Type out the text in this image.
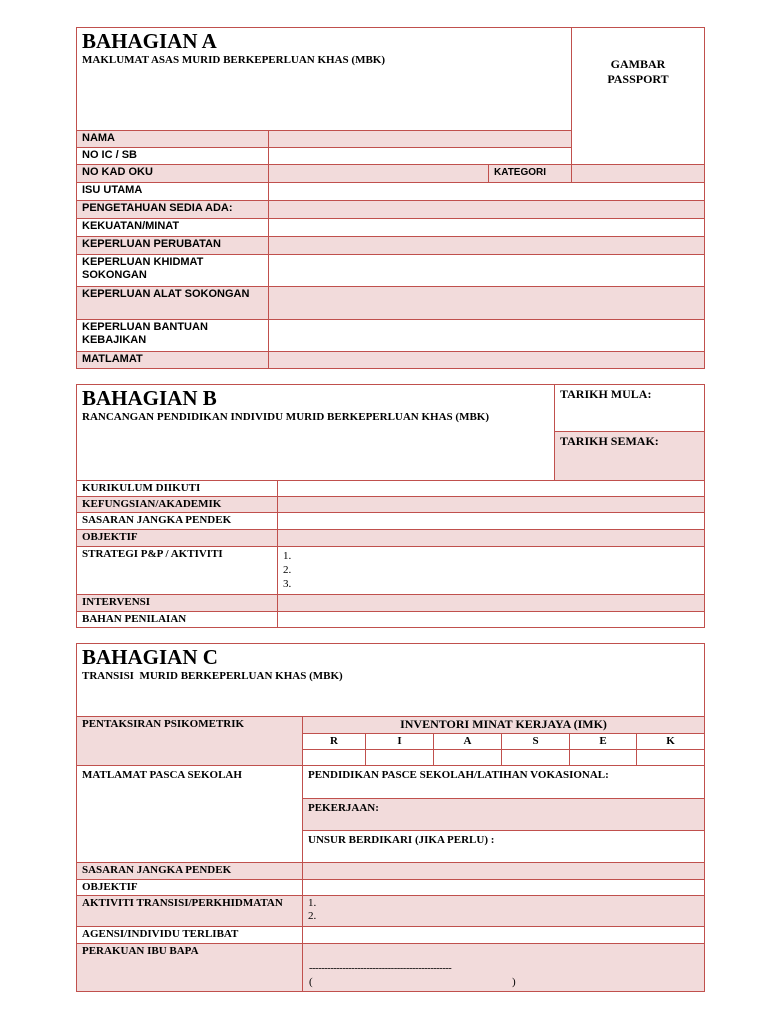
BAHAGIAN A
MAKLUMAT ASAS MURID BERKEPERLUAN KHAS (MBK)	GAMBAR
PASSPORT
NAMA
NO IC / SB
NO KAD OKU	KATEGORI
ISU UTAMA
PENGETAHUAN SEDIA ADA:
KEKUATAN/MINAT
KEPERLUAN PERUBATAN
KEPERLUAN KHIDMAT SOKONGAN
KEPERLUAN ALAT SOKONGAN
KEPERLUAN BANTUAN KEBAJIKAN
MATLAMAT
BAHAGIAN B
RANCANGAN PENDIDIKAN INDIVIDU MURID BERKEPERLUAN KHAS (MBK)
TARIKH MULA:
TARIKH SEMAK:
KURIKULUM DIIKUTI
KEFUNGSIAN/AKADEMIK
SASARAN JANGKA PENDEK
OBJEKTIF
STRATEGI P&P / AKTIVITI	1.
2.
3.
INTERVENSI
BAHAN PENILAIAN
BAHAGIAN C
TRANSISI  MURID BERKEPERLUAN KHAS (MBK)
PENTAKSIRAN PSIKOMETRIK	INVENTORI MINAT KERJAYA (IMK)
R	I	A	S	E	K
MATLAMAT PASCA SEKOLAH	PENDIDIKAN PASCE SEKOLAH/LATIHAN VOKASIONAL:
PEKERJAAN:
UNSUR BERDIKARI (JIKA PERLU) :
SASARAN JANGKA PENDEK
OBJEKTIF
AKTIVITI TRANSISI/PERKHIDMATAN	1.
2.
AGENSI/INDIVIDU TERLIBAT
PERAKUAN IBU BAPA
-----------------------------------------------
(	)
